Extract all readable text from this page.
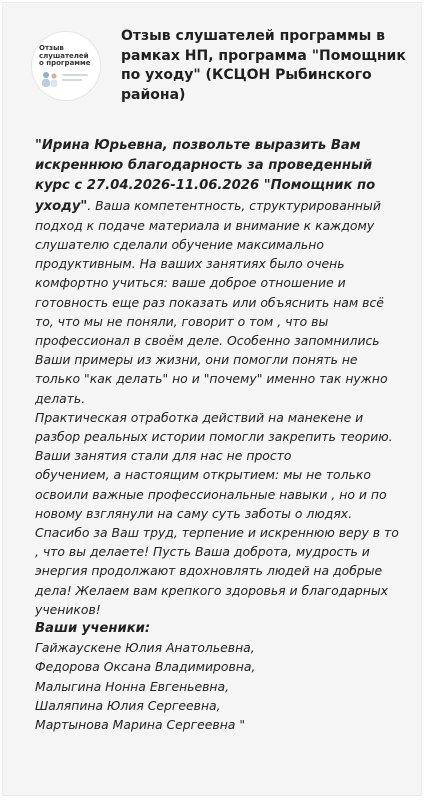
Отзыв
слушателей
о программе
Отзыв слушателей программы в рамках НП, программа "Помощник по уходу" (КСЦОН Рыбинского района)

"Ирина Юрьевна, позвольте выразить Вам искреннюю благодарность за проведенный курс с 27.04.2026-11.06.2026 "Помощник по уходу". Ваша компетентность, структурированный подход к подаче материала и внимание к каждому слушателю сделали обучение максимально продуктивным. На ваших занятиях было очень комфортно учиться: ваше доброе отношение и готовность еще раз показать или объяснить нам всё то, что мы не поняли, говорит о том , что вы профессионал в своём деле. Особенно запомнились Ваши примеры из жизни, они помогли понять не только "как делать" но и "почему" именно так нужно делать.

Практическая отработка действий на манекене и разбор реальных истории помогли закрепить теорию. Ваши занятия стали для нас не просто

обучением, а настоящим открытием: мы не только освоили важные профессиональные навыки , но и по новому взглянули на саму суть заботы о людях.

Спасибо за Ваш труд, терпение и искреннюю веру в то , что вы делаете! Пусть Ваша доброта, мудрость и энергия продолжают вдохновлять людей на добрые дела! Желаем вам крепкого здоровья и благодарных учеников!

Ваши ученики:

Гайжаускене Юлия Анатольевна,

Федорова Оксана Владимировна,

Малыгина Нонна Евгеньевна,

Шаляпина Юлия Сергеевна,

Мартынова Марина Сергеевна "
